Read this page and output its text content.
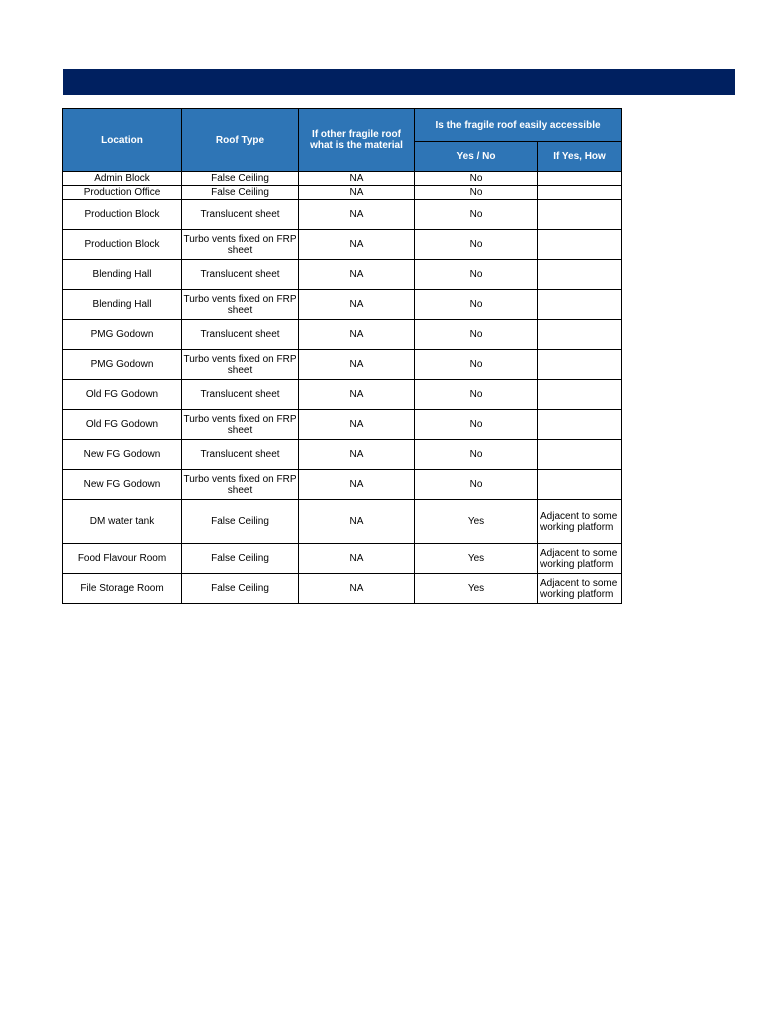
Location	Roof Type	If other fragile roof what is the material	Is the fragile roof easily accessible	
			Yes / No	If Yes, How
Admin Block	False Ceiling	NA	No	
Production Office	False Ceiling	NA	No	
Production Block	Translucent sheet	NA	No	
Production Block	Turbo vents fixed on FRP sheet	NA	No	
Blending Hall	Translucent sheet	NA	No	
Blending Hall	Turbo vents fixed on FRP sheet	NA	No	
PMG Godown	Translucent sheet	NA	No	
PMG Godown	Turbo vents fixed on FRP sheet	NA	No	
Old FG Godown	Translucent sheet	NA	No	
Old FG Godown	Turbo vents fixed on FRP sheet	NA	No	
New FG Godown	Translucent sheet	NA	No	
New FG Godown	Turbo vents fixed on FRP sheet	NA	No	
DM water tank	False Ceiling	NA	Yes	Adjacent to some working platform
Food Flavour Room	False Ceiling	NA	Yes	Adjacent to some working platform
File Storage Room	False Ceiling	NA	Yes	Adjacent to some working platform
